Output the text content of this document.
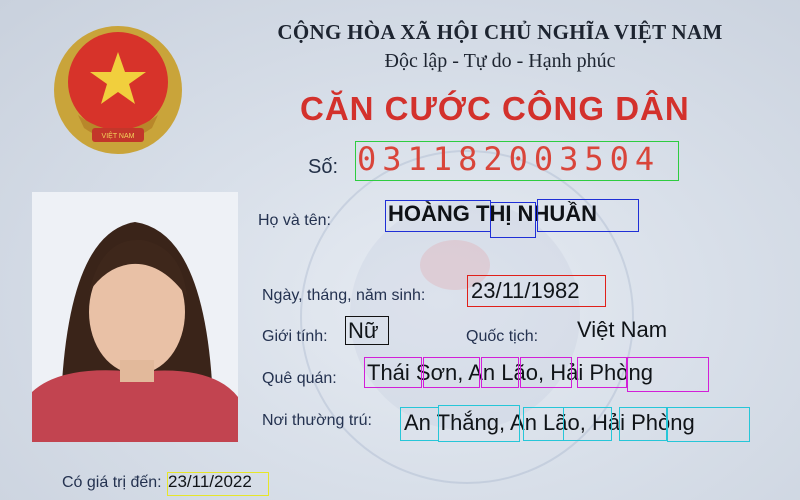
VIỆT NAM
CỘNG HÒA XÃ HỘI CHỦ NGHĨA VIỆT NAM
Độc lập - Tự do - Hạnh phúc
CĂN CƯỚC CÔNG DÂN
Số: 031182003504
Họ và tên:	HOÀNG THỊ NHUẦN
Ngày, tháng, năm sinh: 23/11/1982
Giới tính: Nữ	Quốc tịch: Việt Nam
Quê quán: Thái Sơn, An Lão, Hải Phòng
Nơi thường trú: An Thắng, An Lão, Hải Phòng
Có giá trị đến: 23/11/2022
